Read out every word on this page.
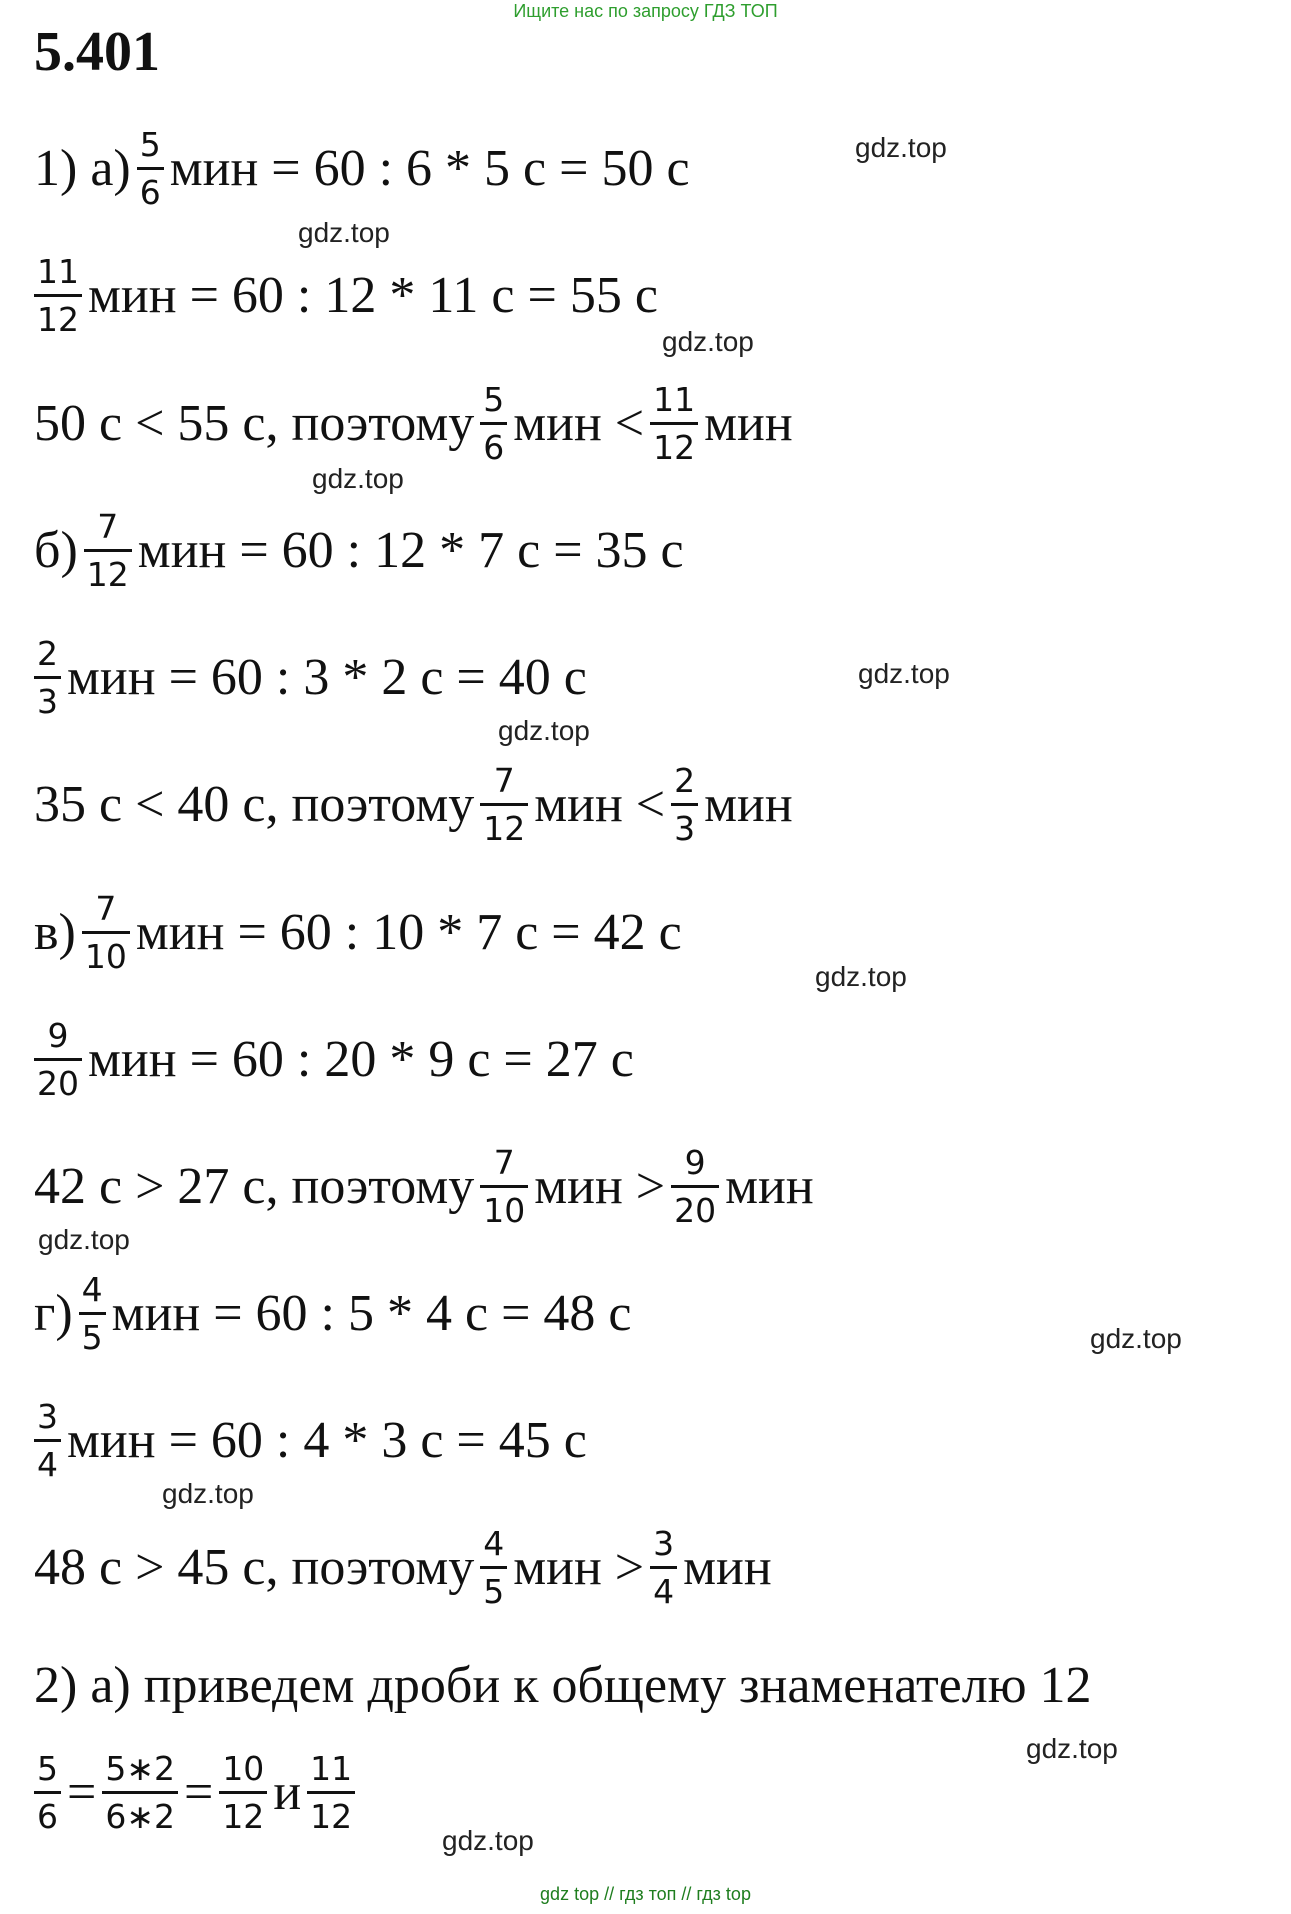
Ищите нас по запросу ГДЗ ТОП
5.401
1) $а) \frac{5}{6}$ мин = 60 : 6 * 5 с = 50 с
$\frac{11}{12}$ мин = 60 : 12 * 11 с = 55 с
50 с < 55 с, поэтому $\frac{5}{6}$ мин < $\frac{11}{12}$ мин
$б) \frac{7}{12}$ мин = 60 : 12 * 7 с = 35 с
$\frac{2}{3}$ мин = 60 : 3 * 2 с = 40 с
35 с < 40 с, поэтому $\frac{7}{12}$ мин < $\frac{2}{3}$ мин
$в) \frac{7}{10}$ мин = 60 : 10 * 7 с = 42 с
$\frac{9}{20}$ мин = 60 : 20 * 9 с = 27 с
42 с > 27 с, поэтому $\frac{7}{10}$ мин > $\frac{9}{20}$ мин
$г) \frac{4}{5}$ мин = 60 : 5 * 4 с = 48 с
$\frac{3}{4}$ мин = 60 : 4 * 3 с = 45 с
48 с > 45 с, поэтому $\frac{4}{5}$ мин > $\frac{3}{4}$ мин
2) а) приведем дроби к общему знаменателю 12
$\frac{5}{6} = \frac{5∗2}{6∗2} = \frac{10}{12}$ и $\frac{11}{12}$
gdz.top
gdz.top
gdz.top
gdz.top
gdz.top
gdz.top
gdz.top
gdz.top
gdz.top
gdz.top
gdz.top
gdz.top
gdz top // гдз топ // гдз top
